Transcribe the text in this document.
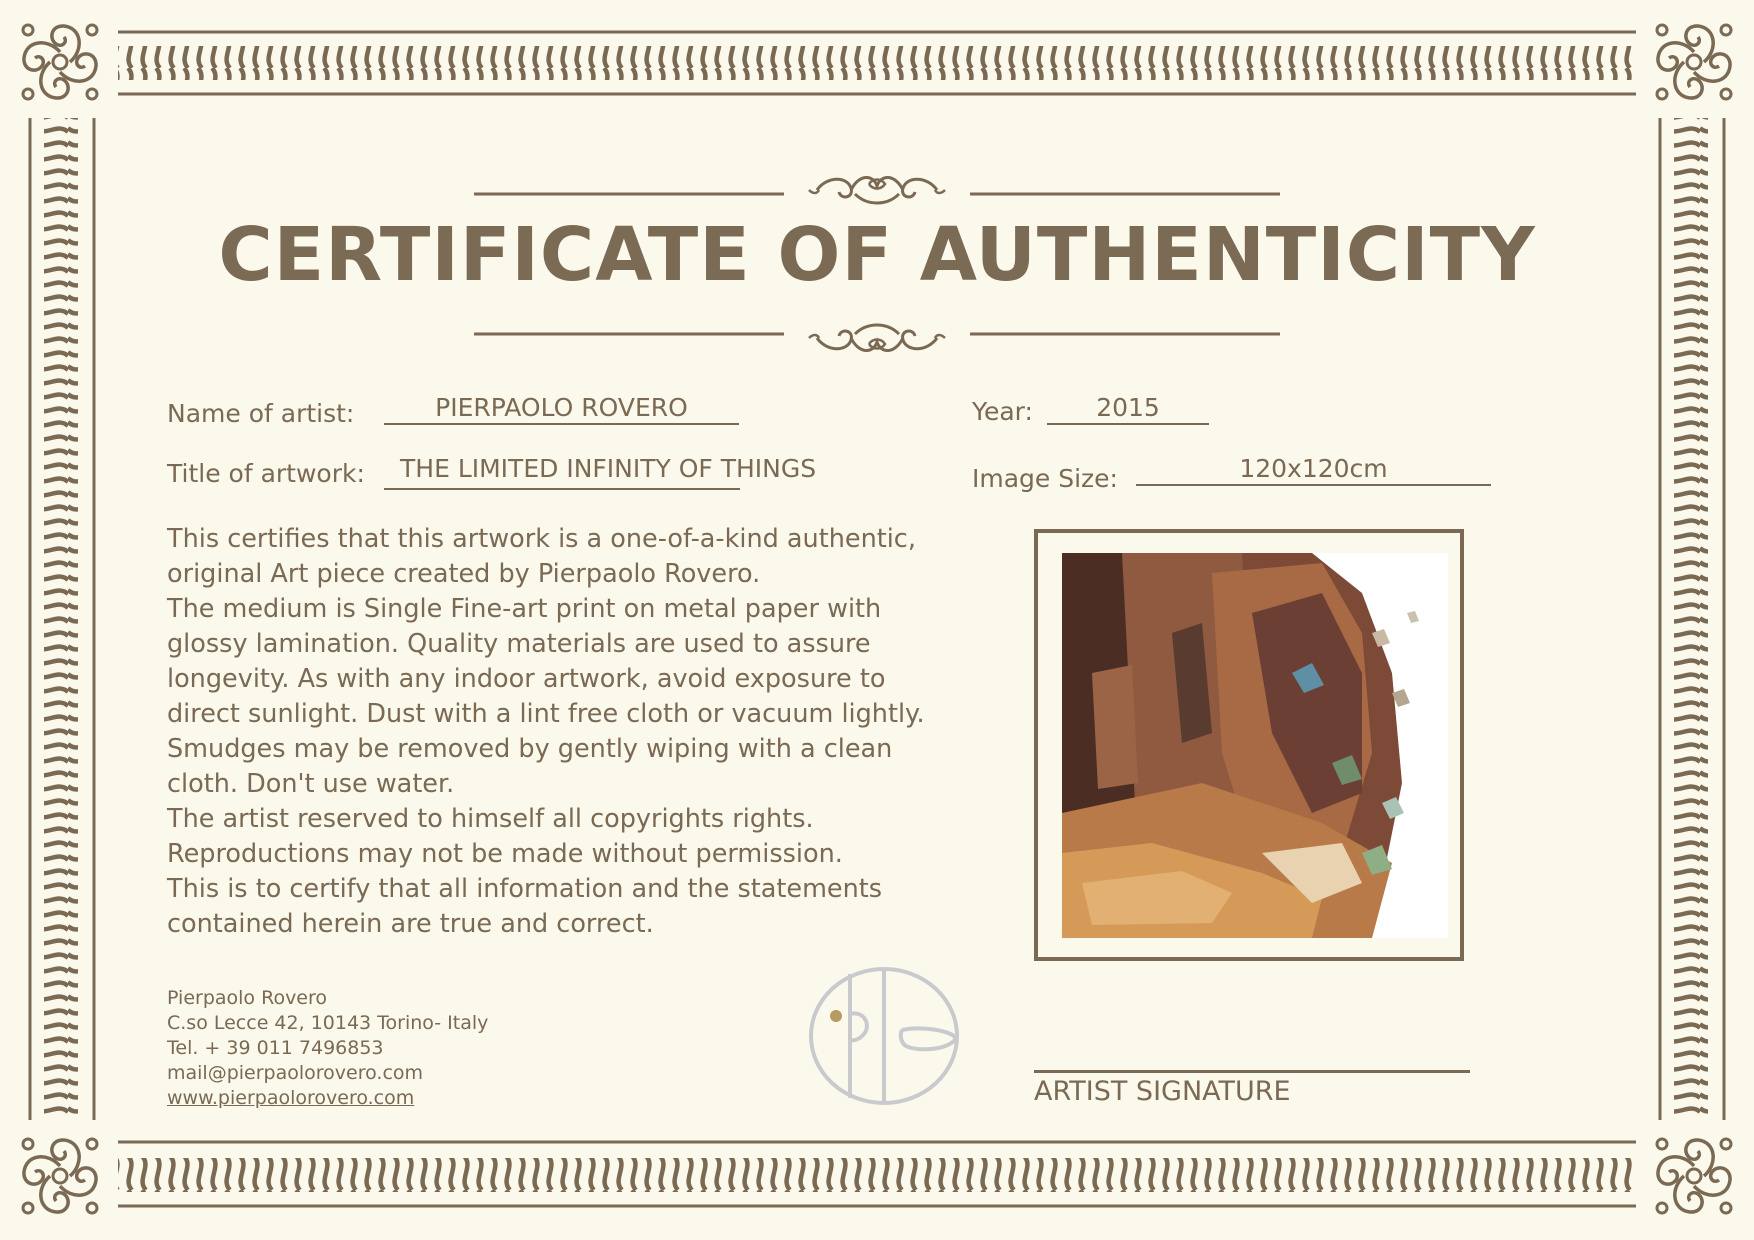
CERTIFICATE OF AUTHENTICITY
Name of artist:	PIERPAOLO ROVERO
Title of artwork:	THE LIMITED INFINITY OF THINGS
Year:	2015
Image Size:	120x120cm
This certifies that this artwork is a one-of-a-kind authentic,
original Art piece created by Pierpaolo Rovero.
The medium is Single Fine-art print on metal paper with
glossy lamination. Quality materials are used to assure
longevity. As with any indoor artwork, avoid exposure to
direct sunlight. Dust with a lint free cloth or vacuum lightly.
Smudges may be removed by gently wiping with a clean
cloth. Don't use water.
The artist reserved to himself all copyrights rights.
Reproductions may not be made without permission.
This is to certify that all information and the statements
contained herein are true and correct.
Pierpaolo Rovero
C.so Lecce 42, 10143 Torino- Italy
Tel. + 39 011 7496853
mail@pierpaolorovero.com
www.pierpaolorovero.com	ARTIST SIGNATURE
